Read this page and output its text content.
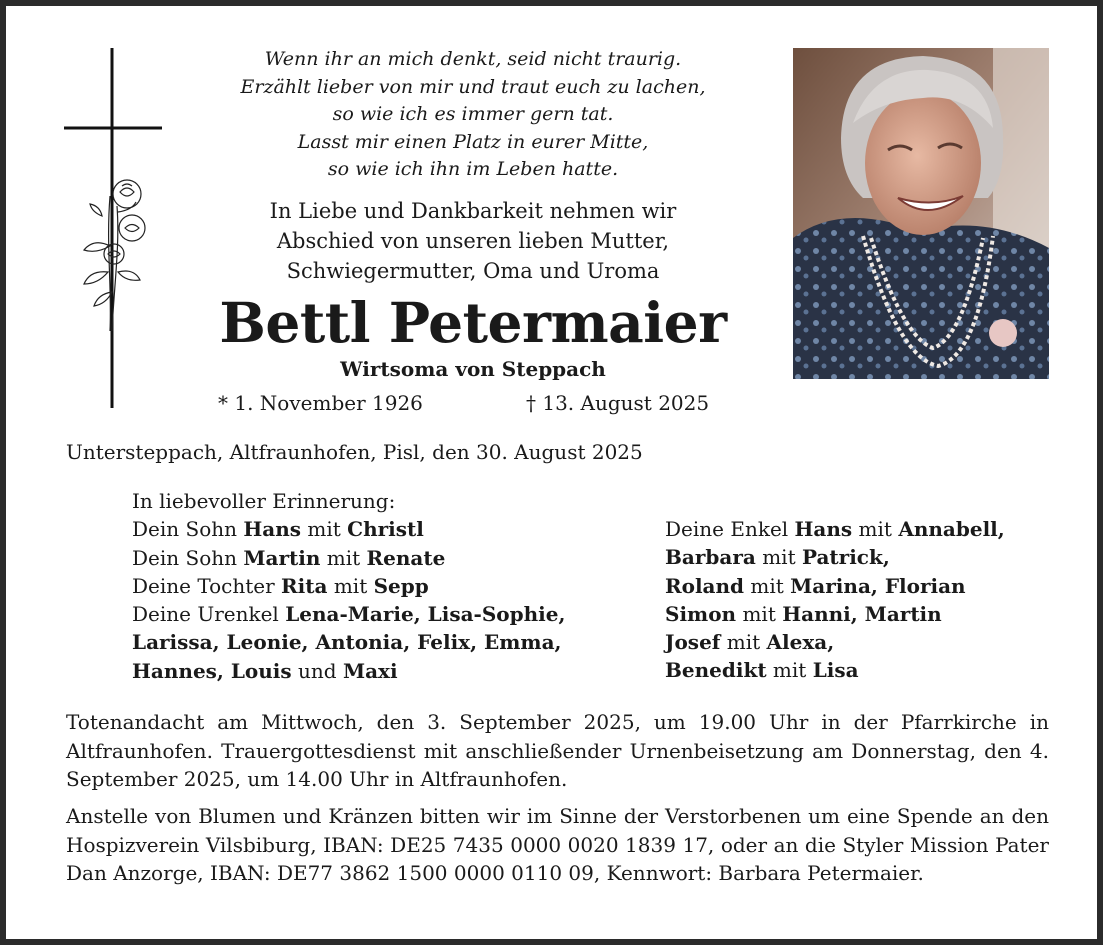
Wenn ihr an mich denkt, seid nicht traurig.
Erzählt lieber von mir und traut euch zu lachen,
so wie ich es immer gern tat.
Lasst mir einen Platz in eurer Mitte,
so wie ich ihn im Leben hatte.
In Liebe und Dankbarkeit nehmen wir
Abschied von unseren lieben Mutter,
Schwiegermutter, Oma und Uroma
Bettl Petermaier
Wirtsoma von Steppach
* 1. November 1926	† 13. August 2025
Untersteppach, Altfraunhofen, Pisl, den 30. August 2025
In liebevoller Erinnerung:
Dein Sohn Hans mit Christl
Dein Sohn Martin mit Renate
Deine Tochter Rita mit Sepp
Deine Urenkel Lena-Marie, Lisa-Sophie,
Larissa, Leonie, Antonia, Felix, Emma,
Hannes, Louis und Maxi
Deine Enkel Hans mit Annabell,
Barbara mit Patrick,
Roland mit Marina, Florian
Simon mit Hanni, Martin
Josef mit Alexa,
Benedikt mit Lisa
Totenandacht am Mittwoch, den 3. September 2025, um 19.00 Uhr in der Pfarrkirche in Altfraunhofen. Trauergottesdienst mit anschließender Urnenbeisetzung am Donnerstag, den 4. September 2025, um 14.00 Uhr in Altfraunhofen.
Anstelle von Blumen und Kränzen bitten wir im Sinne der Verstorbenen um eine Spende an den Hospizverein Vilsbiburg, IBAN: DE25 7435 0000 0020 1839 17, oder an die Styler Mission Pater Dan Anzorge, IBAN: DE77 3862 1500 0000 0110 09, Kennwort: Barbara Petermaier.
